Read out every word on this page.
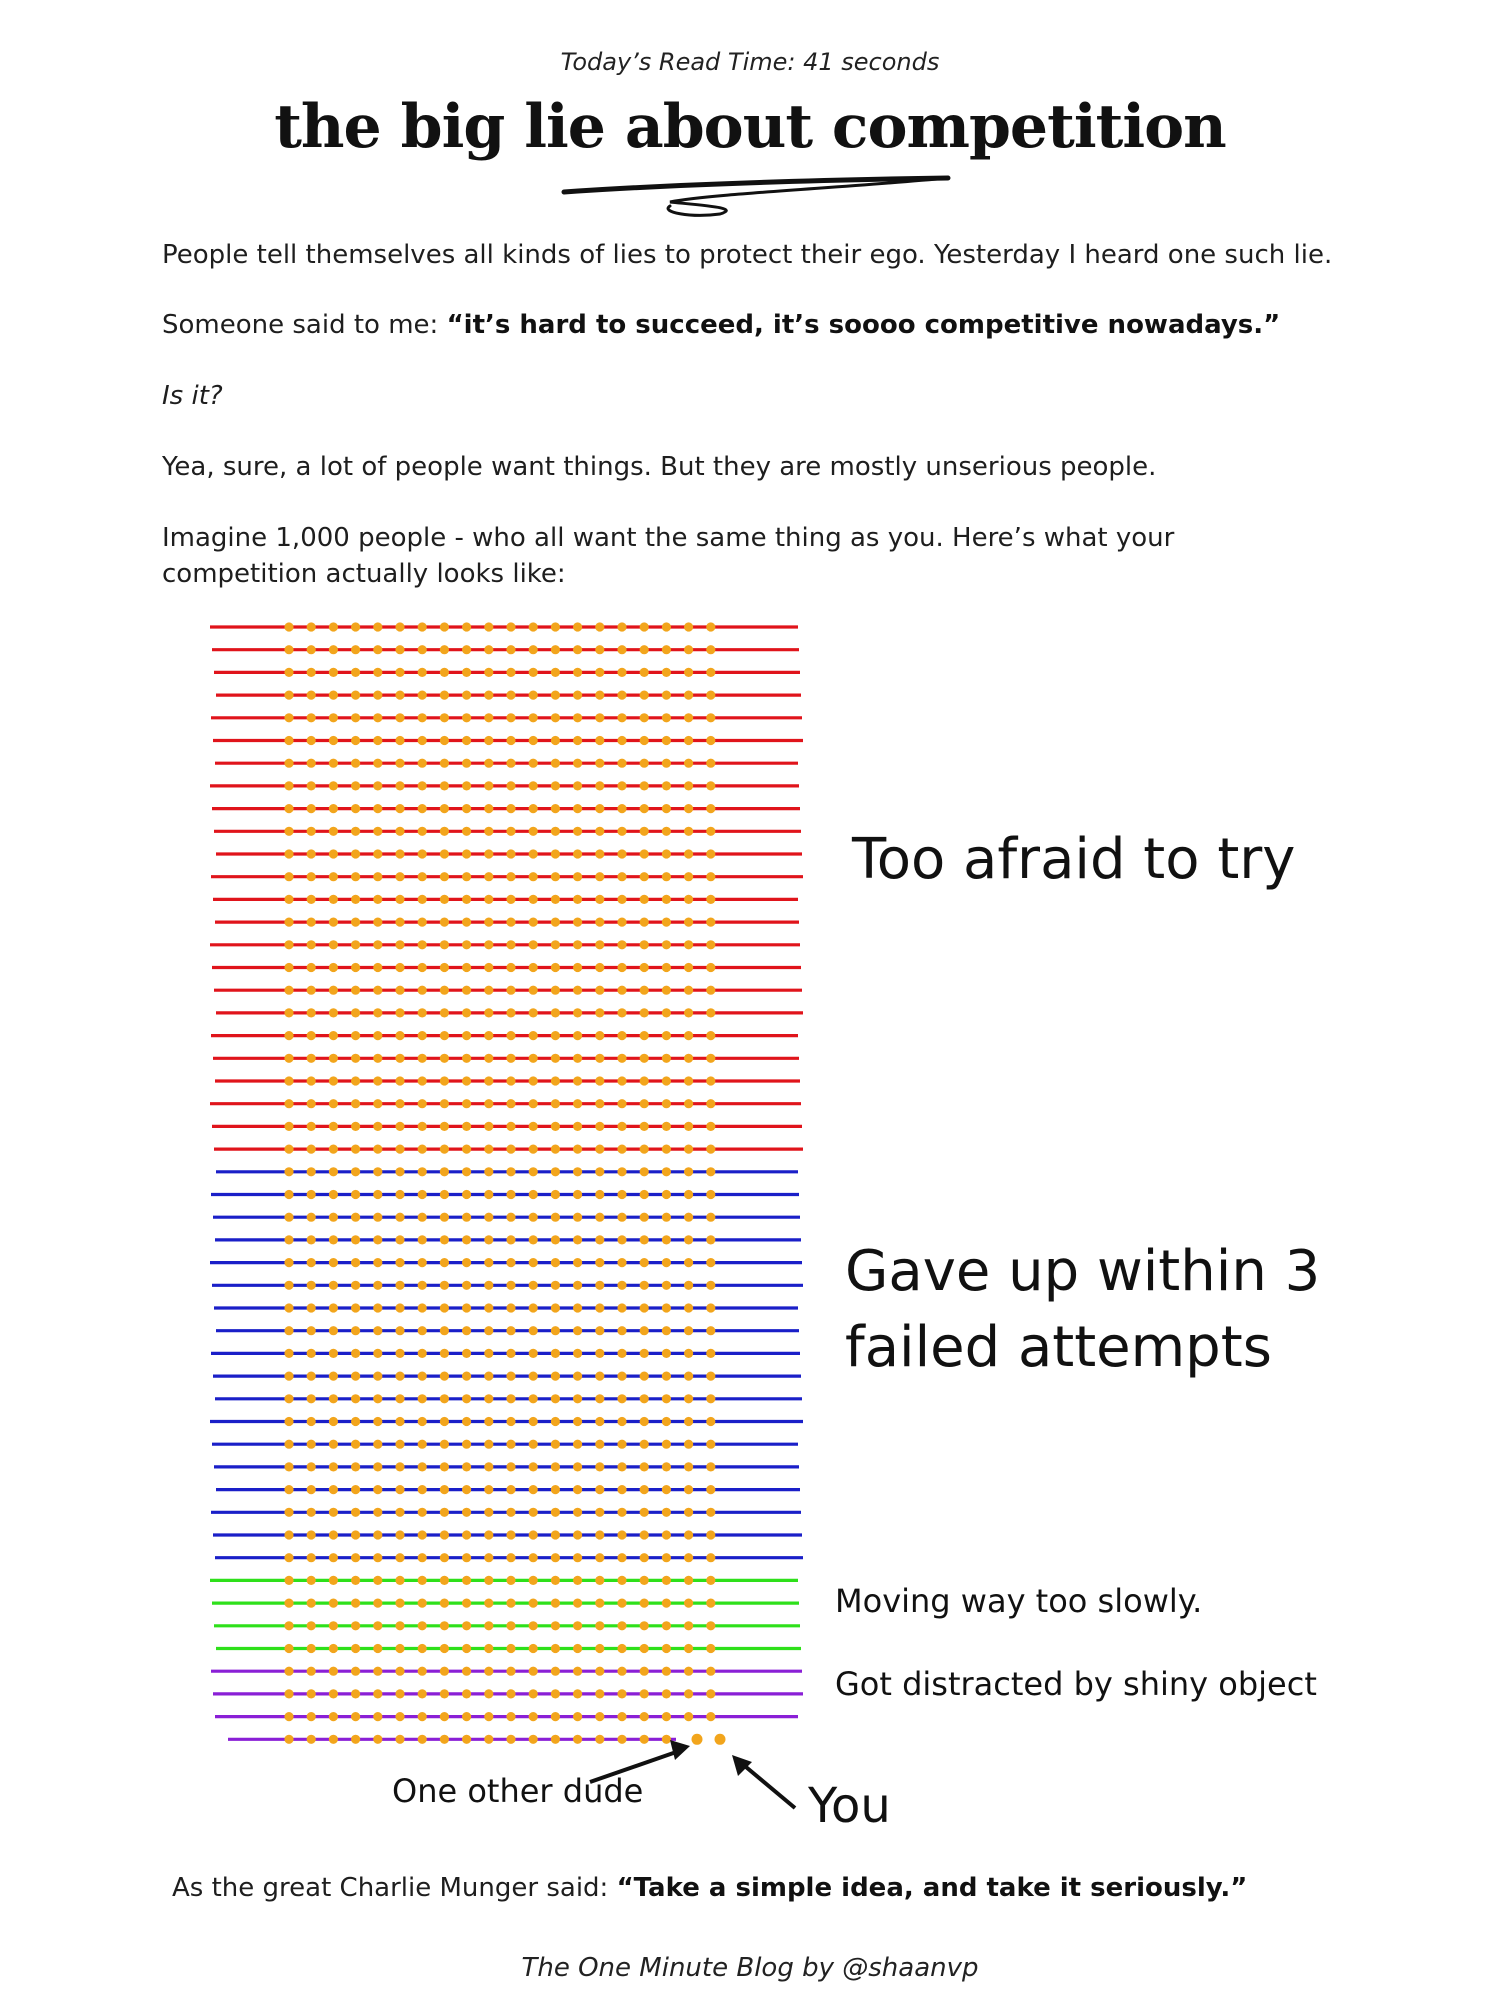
Today’s Read Time: 41 seconds
the big lie about competition
People tell themselves all kinds of lies to protect their ego. Yesterday I heard one such lie.
Someone said to me: “it’s hard to succeed, it’s soooo competitive nowadays.”
Is it?
Yea, sure, a lot of people want things. But they are mostly unserious people.
Imagine 1,000 people - who all want the same thing as you. Here’s what your competition actually looks like:
Too afraid to try
Gave up within 3
failed attempts
Moving way too slowly.
Got distracted by shiny object
One other dude	You
As the great Charlie Munger said: “Take a simple idea, and take it seriously.”
The One Minute Blog by @shaanvp
